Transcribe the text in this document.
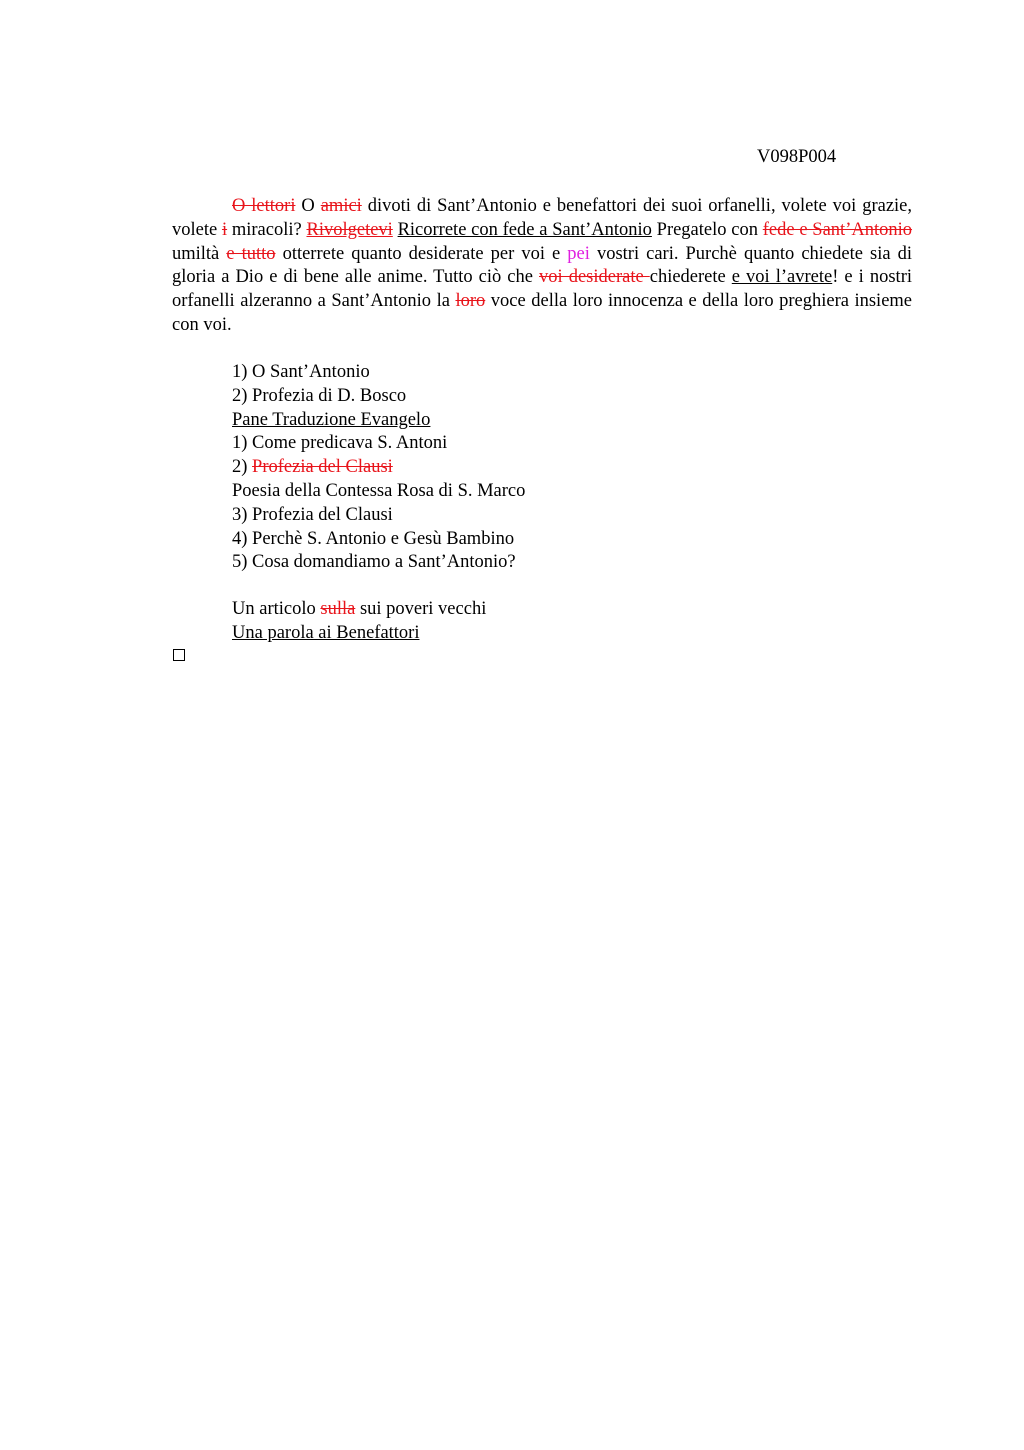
V098P004
O lettori O amici divoti di Sant’Antonio e benefattori dei suoi orfanelli, volete voi grazie, volete i miracoli? Rivolgetevi Ricorrete con fede a Sant’Antonio Pregatelo con fede e Sant’Antonio umiltà e tutto otterrete quanto desiderate per voi e pei vostri cari. Purchè quanto chiedete sia di gloria a Dio e di bene alle anime. Tutto ciò che voi desiderate chiederete e voi l’avrete! e i nostri orfanelli alzeranno a Sant’Antonio la loro voce della loro innocenza e della loro preghiera insieme con voi.
1) O Sant’Antonio
2) Profezia di D. Bosco
Pane Traduzione Evangelo
1) Come predicava S. Antoni
2) Profezia del Clausi
Poesia della Contessa Rosa di S. Marco
3) Profezia del Clausi
4) Perchè S. Antonio e Gesù Bambino
5) Cosa domandiamo a Sant’Antonio?
Un articolo sulla sui poveri vecchi
Una parola ai Benefattori
